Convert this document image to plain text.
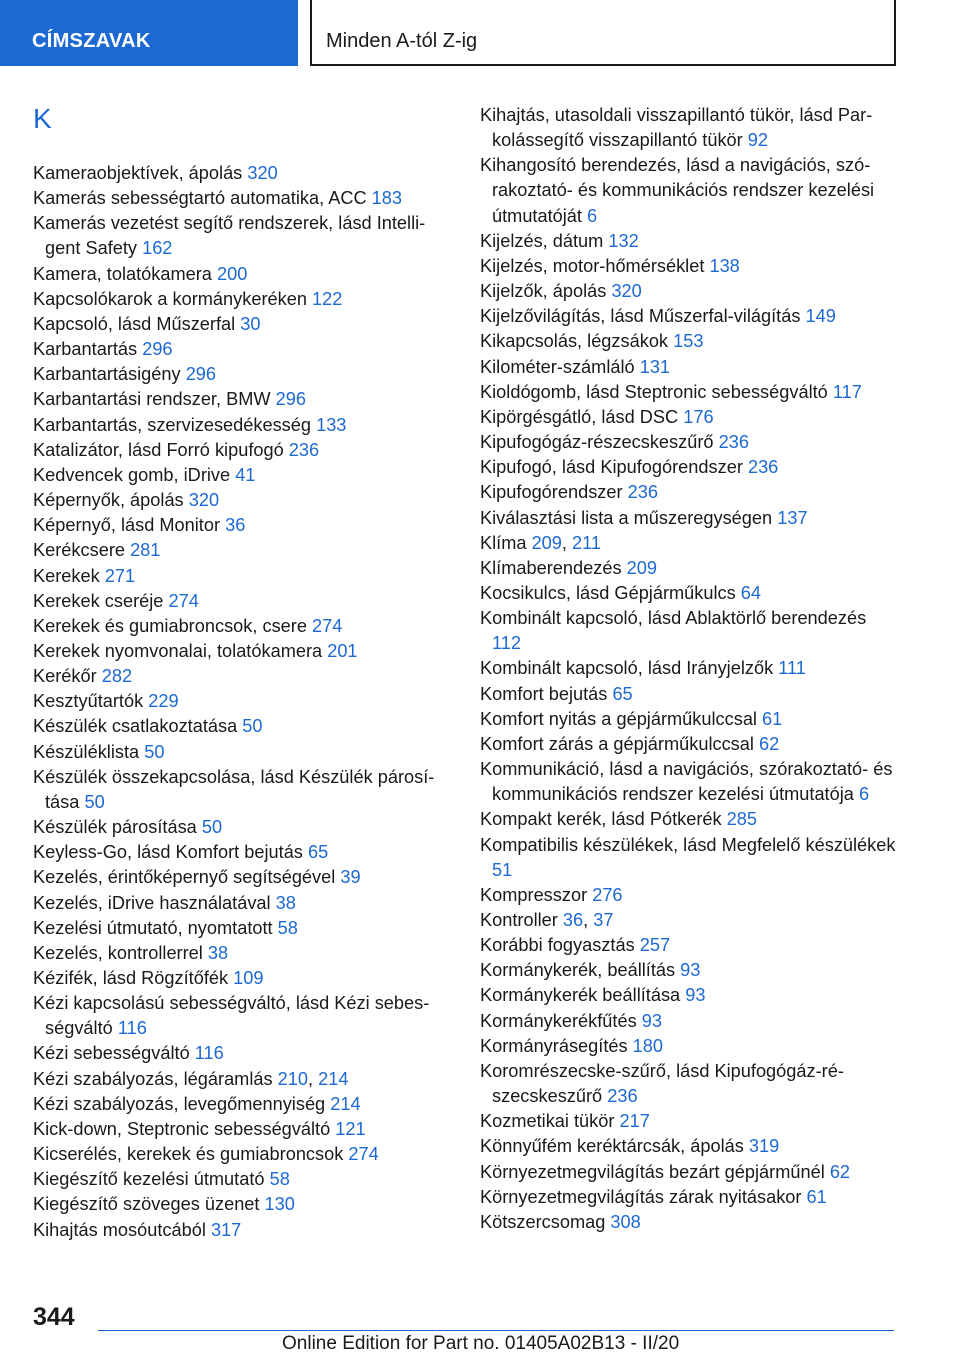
CÍMSZAVAK	Minden A-tól Z-ig
K
Kameraobjektívek, ápolás 320
Kamerás sebességtartó automatika, ACC 183
Kamerás vezetést segítő rendszerek, lásd Intelligent Safety 162
Kamera, tolatókamera 200
Kapcsolókarok a kormánykeréken 122
Kapcsoló, lásd Műszerfal 30
Karbantartás 296
Karbantartásigény 296
Karbantartási rendszer, BMW 296
Karbantartás, szervizesedékesség 133
Katalizátor, lásd Forró kipufogó 236
Kedvencek gomb, iDrive 41
Képernyők, ápolás 320
Képernyő, lásd Monitor 36
Kerékcsere 281
Kerekek 271
Kerekek cseréje 274
Kerekek és gumiabroncsok, csere 274
Kerekek nyomvonalai, tolatókamera 201
Kerékőr 282
Kesztyűtartók 229
Készülék csatlakoztatása 50
Készüléklista 50
Készülék összekapcsolása, lásd Készülék párosítása 50
Készülék párosítása 50
Keyless-Go, lásd Komfort bejutás 65
Kezelés, érintőképernyő segítségével 39
Kezelés, iDrive használatával 38
Kezelési útmutató, nyomtatott 58
Kezelés, kontrollerrel 38
Kézifék, lásd Rögzítőfék 109
Kézi kapcsolású sebességváltó, lásd Kézi sebességváltó 116
Kézi sebességváltó 116
Kézi szabályozás, légáramlás 210, 214
Kézi szabályozás, levegőmennyiség 214
Kick-down, Steptronic sebességváltó 121
Kicserélés, kerekek és gumiabroncsok 274
Kiegészítő kezelési útmutató 58
Kiegészítő szöveges üzenet 130
Kihajtás mosóutcából 317
Kihajtás, utasoldali visszapillantó tükör, lásd Parkolássegítő visszapillantó tükör 92
Kihangosító berendezés, lásd a navigációs, szórakoztató- és kommunikációs rendszer kezelési útmutatóját 6
Kijelzés, dátum 132
Kijelzés, motor-hőmérséklet 138
Kijelzők, ápolás 320
Kijelzővilágítás, lásd Műszerfal-világítás 149
Kikapcsolás, légzsákok 153
Kilométer-számláló 131
Kioldógomb, lásd Steptronic sebességváltó 117
Kipörgésgátló, lásd DSC 176
Kipufogógáz-részecskeszűrő 236
Kipufogó, lásd Kipufogórendszer 236
Kipufogórendszer 236
Kiválasztási lista a műszeregységen 137
Klíma 209, 211
Klímaberendezés 209
Kocsikulcs, lásd Gépjárműkulcs 64
Kombinált kapcsoló, lásd Ablaktörlő berendezés 112
Kombinált kapcsoló, lásd Irányjelzők 111
Komfort bejutás 65
Komfort nyitás a gépjárműkulccsal 61
Komfort zárás a gépjárműkulccsal 62
Kommunikáció, lásd a navigációs, szórakoztató- és kommunikációs rendszer kezelési útmutatója 6
Kompakt kerék, lásd Pótkerék 285
Kompatibilis készülékek, lásd Megfelelő készülékek 51
Kompresszor 276
Kontroller 36, 37
Korábbi fogyasztás 257
Kormánykerék, beállítás 93
Kormánykerék beállítása 93
Kormánykerékfűtés 93
Kormányrásegítés 180
Koromrészecske-szűrő, lásd Kipufogógáz-részecskeszűrő 236
Kozmetikai tükör 217
Könnyűfém keréktárcsák, ápolás 319
Környezetmegvilágítás bezárt gépjárműnél 62
Környezetmegvilágítás zárak nyitásakor 61
Kötszercsomag 308
344
Online Edition for Part no. 01405A02B13 - II/20
